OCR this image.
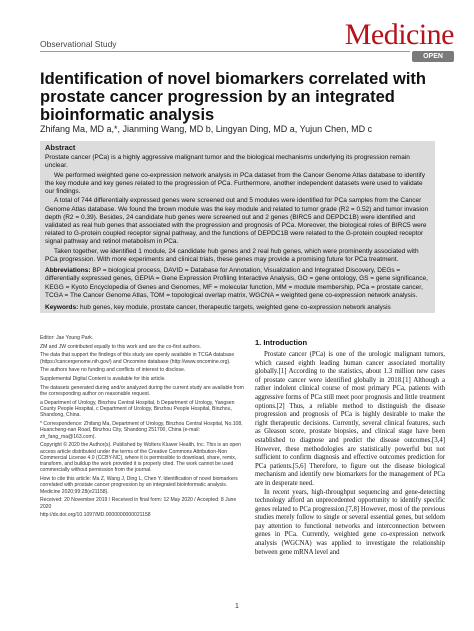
Observational Study	Medicine
OPEN
Identification of novel biomarkers correlated with prostate cancer progression by an integrated bioinformatic analysis
Zhifang Ma, MD a,*, Jianming Wang, MD b, Lingyan Ding, MD a, Yujun Chen, MD c
Abstract

Prostate cancer (PCa) is a highly aggressive malignant tumor and the biological mechanisms underlying its progression remain unclear.

We performed weighted gene co-expression network analysis in PCa dataset from the Cancer Genome Atlas database to identify the key module and key genes related to the progression of PCa. Furthermore, another independent datasets were used to validate our findings.

A total of 744 differentially expressed genes were screened out and 5 modules were identified for PCa samples from the Cancer Genome Atlas database. We found the brown module was the key module and related to tumor grade (R2 = 0.52) and tumor invasion depth (R2 = 0.39). Besides, 24 candidate hub genes were screened out and 2 genes (BIRC5 and DEPDC1B) were identified and validated as real hub genes that associated with the progression and prognosis of PCa. Moreover, the biological roles of BIRC5 were related to G-protein coupled receptor signal pathway, and the functions of DEPDC1B were related to the G-protein coupled receptor signal pathway and retinol metabolism in PCa.

Taken together, we identified 1 module, 24 candidate hub genes and 2 real hub genes, which were prominently associated with PCa progression. With more experiments and clinical trials, these genes may provide a promising future for PCa treatment.

Abbreviations: BP = biological process, DAVID = Database for Annotation, Visualization and Integrated Discovery, DEGs = differentially expressed genes, GEPIA = Gene Expression Profiling Interactive Analysis, GO = gene ontology, GS = gene significance, KEGG = Kyoto Encyclopedia of Genes and Genomes, MF = molecular function, MM = module membership, PCa = prostate cancer, TCGA = The Cancer Genome Atlas, TOM = topological overlap matrix, WGCNA = weighted gene co-expression network analysis.

Keywords: hub genes, key module, prostate cancer, therapeutic targets, weighted gene co-expression network analysis

Editor: Jae Young Park.

ZM and JW contributed equally to this work and are the co-first authors.

The data that support the findings of this study are openly available in TCGA database (https://cancergenome.nih.gov/) and Oncomine database (http://www.oncomine.org).

The authors have no funding and conflicts of interest to disclose.

Supplemental Digital Content is available for this article.

The datasets generated during and/or analyzed during the current study are available from the corresponding author on reasonable request.

a Department of Urology, Binzhou Central Hospital, b Department of Urology, Yangsen County People Hospital, c Department of Urology, Binzhou People Hospital, Binzhou, Shandong, China.

* Correspondence: Zhifang Ma, Department of Urology, Binzhou Central Hospital, No.108, Huancheng-nan Road, Binzhou City, Shandong 251700, China (e-mail: zh_fang_ma@163.com).

Copyright © 2020 the Author(s). Published by Wolters Kluwer Health, Inc. This is an open access article distributed under the terms of the Creative Commons Attribution-Non Commercial License 4.0 (CCBY-NC), where it is permissible to download, share, remix, transform, and buildup the work provided it is properly cited. The work cannot be used commercially without permission from the journal.

How to cite this article: Ma Z, Wang J, Ding L, Chen Y. Identification of novel biomarkers correlated with prostate cancer progression by an integrated bioinformatic analysis. Medicine 2020;99:28(e21158).

Received: 20 November 2019 / Received in final form: 12 May 2020 / Accepted: 8 June 2020

http://dx.doi.org/10.1097/MD.0000000000021158

1. Introduction

Prostate cancer (PCa) is one of the urologic malignant tumors, which caused eighth leading human cancer associated mortality globally.[1] According to the statistics, about 1.3 million new cases of prostate cancer were identified globally in 2018.[1] Although a rather indolent clinical course of most primary PCa, patients with aggressive forms of PCa still meet poor prognosis and little treatment options.[2] Thus, a reliable method to distinguish the disease progression and prognosis of PCa is highly desirable to make the right therapeutic decisions. Currently, several clinical features, such as Gleason score, prostate biopsies, and clinical stage have been established to diagnose and predict the disease outcomes.[3,4] However, these methodologies are statistically powerful but not sufficient to confirm diagnosis and effective outcomes prediction for PCa patients.[5,6] Therefore, to figure out the disease biological mechanism and identify new biomarkers for the management of PCa are in desperate need.

In recent years, high-throughput sequencing and gene-detecting technology afford an unprecedented opportunity to identify specific genes related to PCa progression.[7,8] However, most of the previous studies merely follow to single or several essential genes, but seldom pay attention to functional networks and interconnection between genes in PCa. Currently, weighted gene co-expression network analysis (WGCNA) was applied to investigate the relationship between gene mRNA level and

1
